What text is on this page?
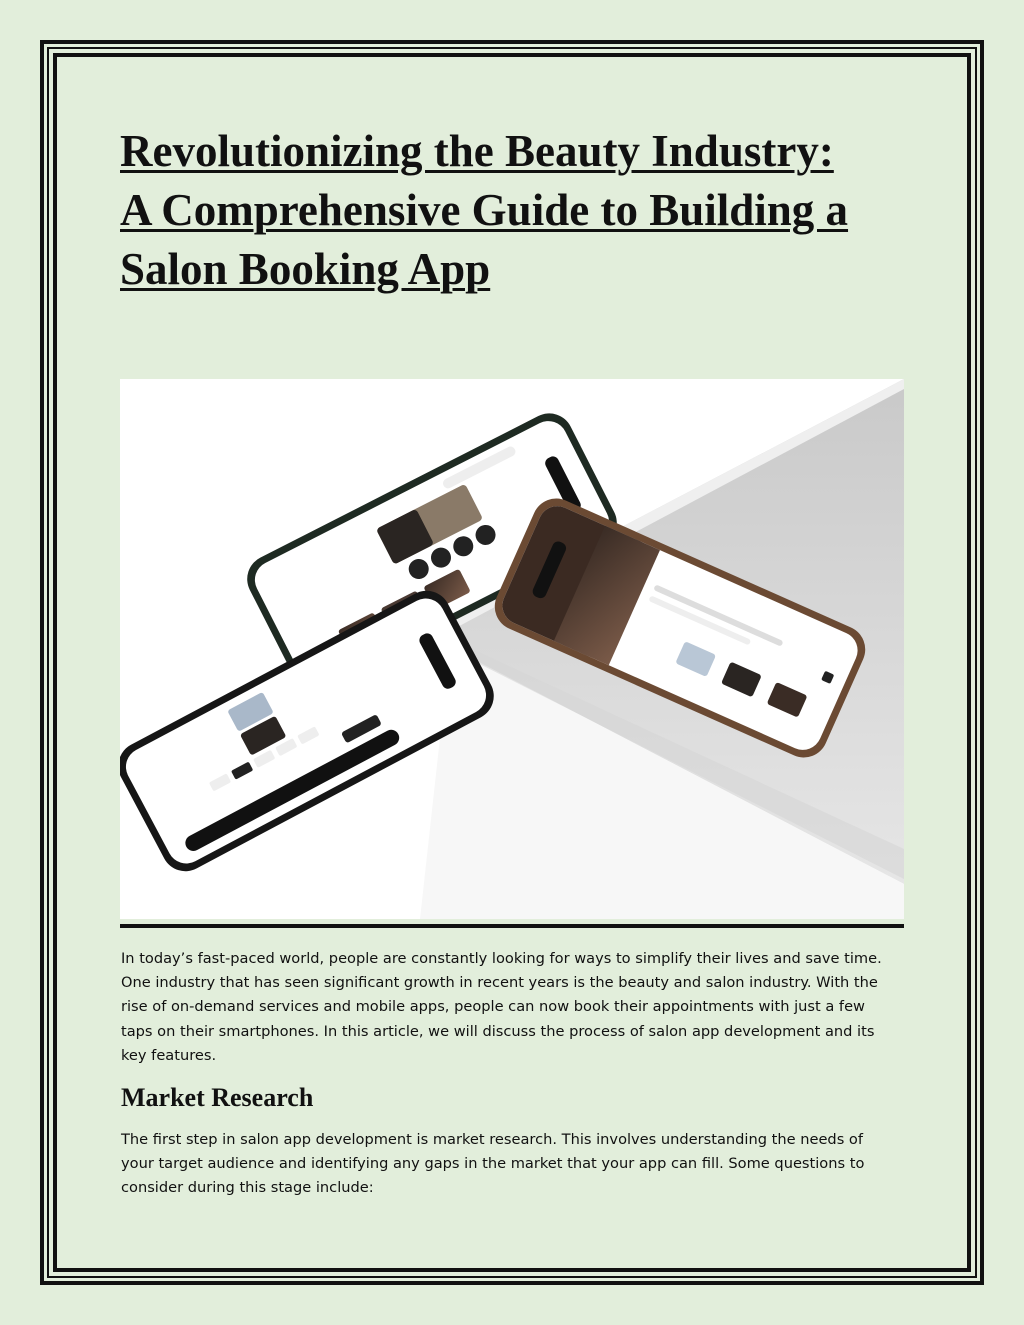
Revolutionizing the Beauty Industry:
A Comprehensive Guide to Building a
Salon Booking App

In today’s fast-paced world, people are constantly looking for ways to simplify their lives and save time.
One industry that has seen significant growth in recent years is the beauty and salon industry. With the
rise of on-demand services and mobile apps, people can now book their appointments with just a few
taps on their smartphones. In this article, we will discuss the process of salon app development and its
key features.

Market Research

The first step in salon app development is market research. This involves understanding the needs of
your target audience and identifying any gaps in the market that your app can fill. Some questions to
consider during this stage include:
